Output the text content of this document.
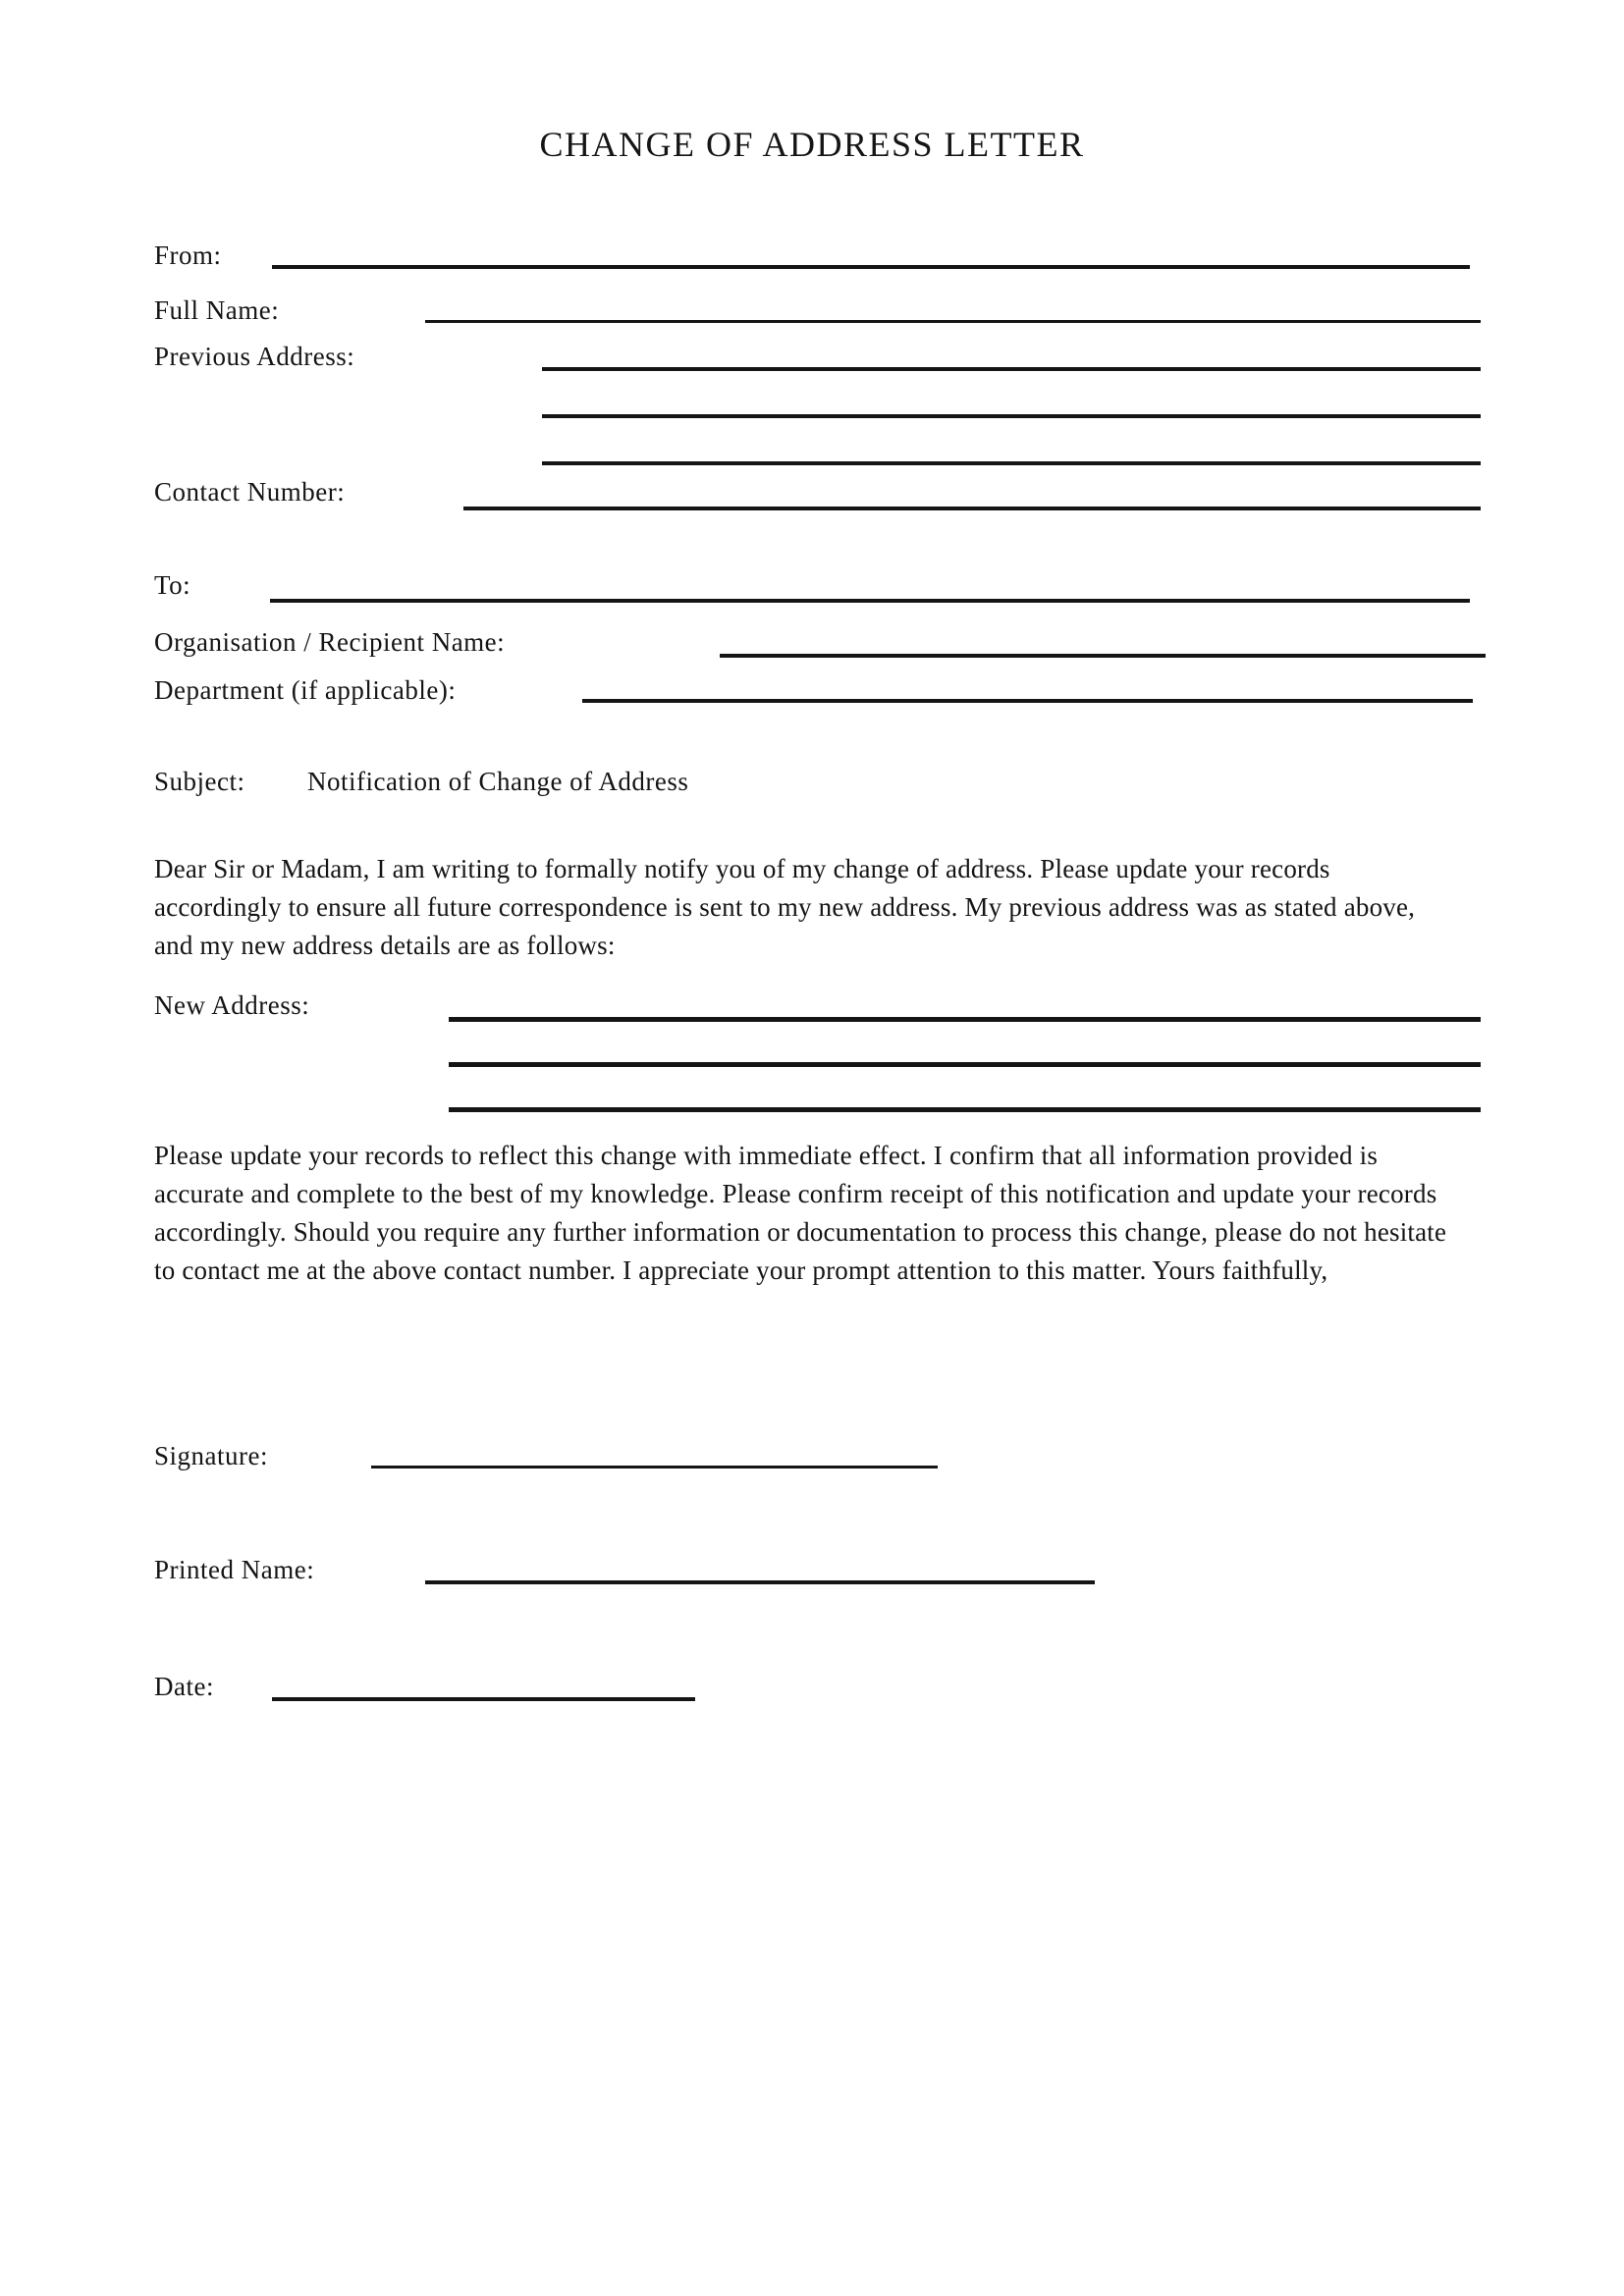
CHANGE OF ADDRESS LETTER
From:
Full Name:
Previous Address:
Contact Number:
To:
Organisation / Recipient Name:
Department (if applicable):
Subject: Notification of Change of Address
Dear Sir or Madam, I am writing to formally notify you of my change of address. Please update your records
accordingly to ensure all future correspondence is sent to my new address. My previous address was as stated above,
and my new address details are as follows:
New Address:
Please update your records to reflect this change with immediate effect. I confirm that all information provided is
accurate and complete to the best of my knowledge. Please confirm receipt of this notification and update your records
accordingly. Should you require any further information or documentation to process this change, please do not hesitate
to contact me at the above contact number. I appreciate your prompt attention to this matter. Yours faithfully,
Signature:
Printed Name:
Date:
